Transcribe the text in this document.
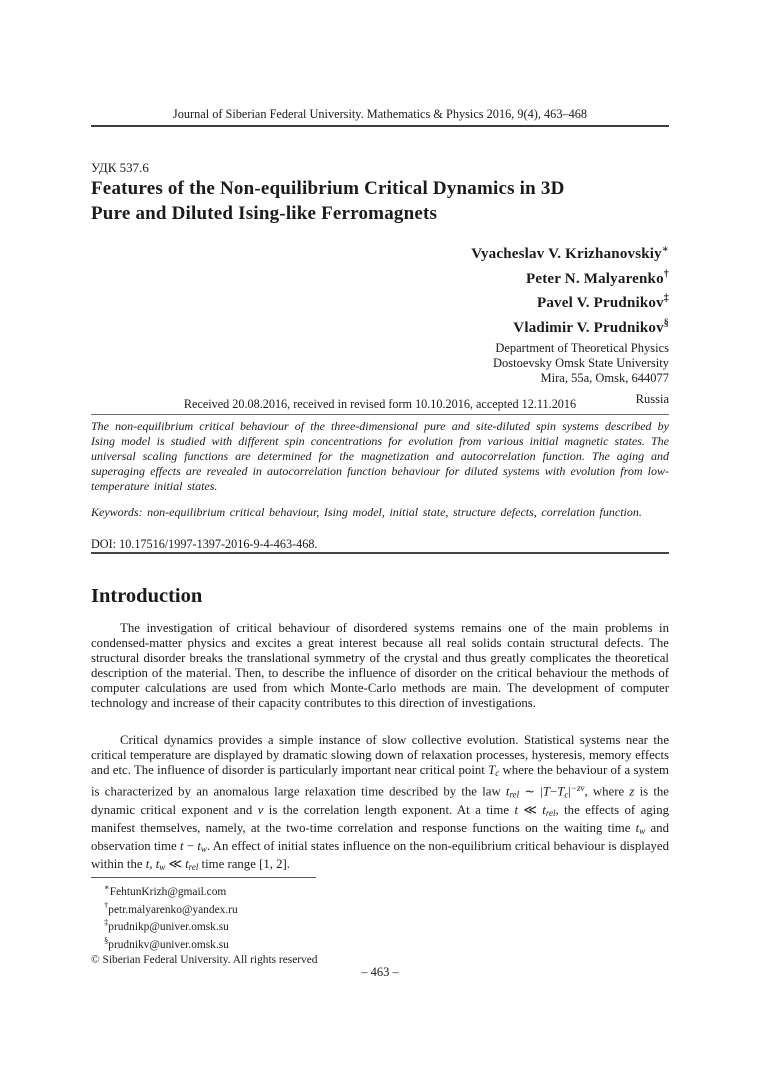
Journal of Siberian Federal University. Mathematics & Physics 2016, 9(4), 463–468
УДК 537.6
Features of the Non-equilibrium Critical Dynamics in 3D
Pure and Diluted Ising-like Ferromagnets
Vyacheslav V. Krizhanovskiy∗
Peter N. Malyarenko†
Pavel V. Prudnikov‡
Vladimir V. Prudnikov§
Department of Theoretical Physics
Dostoevsky Omsk State University
Mira, 55a, Omsk, 644077
Russia
Received 20.08.2016, received in revised form 10.10.2016, accepted 12.11.2016

The non-equilibrium critical behaviour of the three-dimensional pure and site-diluted spin systems described by Ising model is studied with different spin concentrations for evolution from various initial magnetic states. The universal scaling functions are determined for the magnetization and autocorrelation function. The aging and superaging effects are revealed in autocorrelation function behaviour for diluted systems with evolution from low-temperature initial states.

Keywords: non-equilibrium critical behaviour, Ising model, initial state, structure defects, correlation function.

DOI: 10.17516/1997-1397-2016-9-4-463-468.
Introduction

The investigation of critical behaviour of disordered systems remains one of the main problems in condensed-matter physics and excites a great interest because all real solids contain structural defects. The structural disorder breaks the translational symmetry of the crystal and thus greatly complicates the theoretical description of the material. Then, to describe the influence of disorder on the critical behaviour the methods of computer calculations are used from which Monte-Carlo methods are main. The development of computer technology and increase of their capacity contributes to this direction of investigations.

Critical dynamics provides a simple instance of slow collective evolution. Statistical systems near the critical temperature are displayed by dramatic slowing down of relaxation processes, hysteresis, memory effects and etc. The influence of disorder is particularly important near critical point Tc where the behaviour of a system is characterized by an anomalous large relaxation time described by the law trel ∼ $|T-Tc|^{-z\nu}$, where z is the dynamic critical exponent and ν is the correlation length exponent. At a time t ≪ trel, the effects of aging manifest themselves, namely, at the two-time correlation and response functions on the waiting time tw and observation time t − tw. An effect of initial states influence on the non-equilibrium critical behaviour is displayed within the t, tw ≪ trel time range [1, 2].

∗FehtunKrizh@gmail.com
†petr.malyarenko@yandex.ru
‡prudnikp@univer.omsk.su
§prudnikv@univer.omsk.su
© Siberian Federal University. All rights reserved
– 463 –
